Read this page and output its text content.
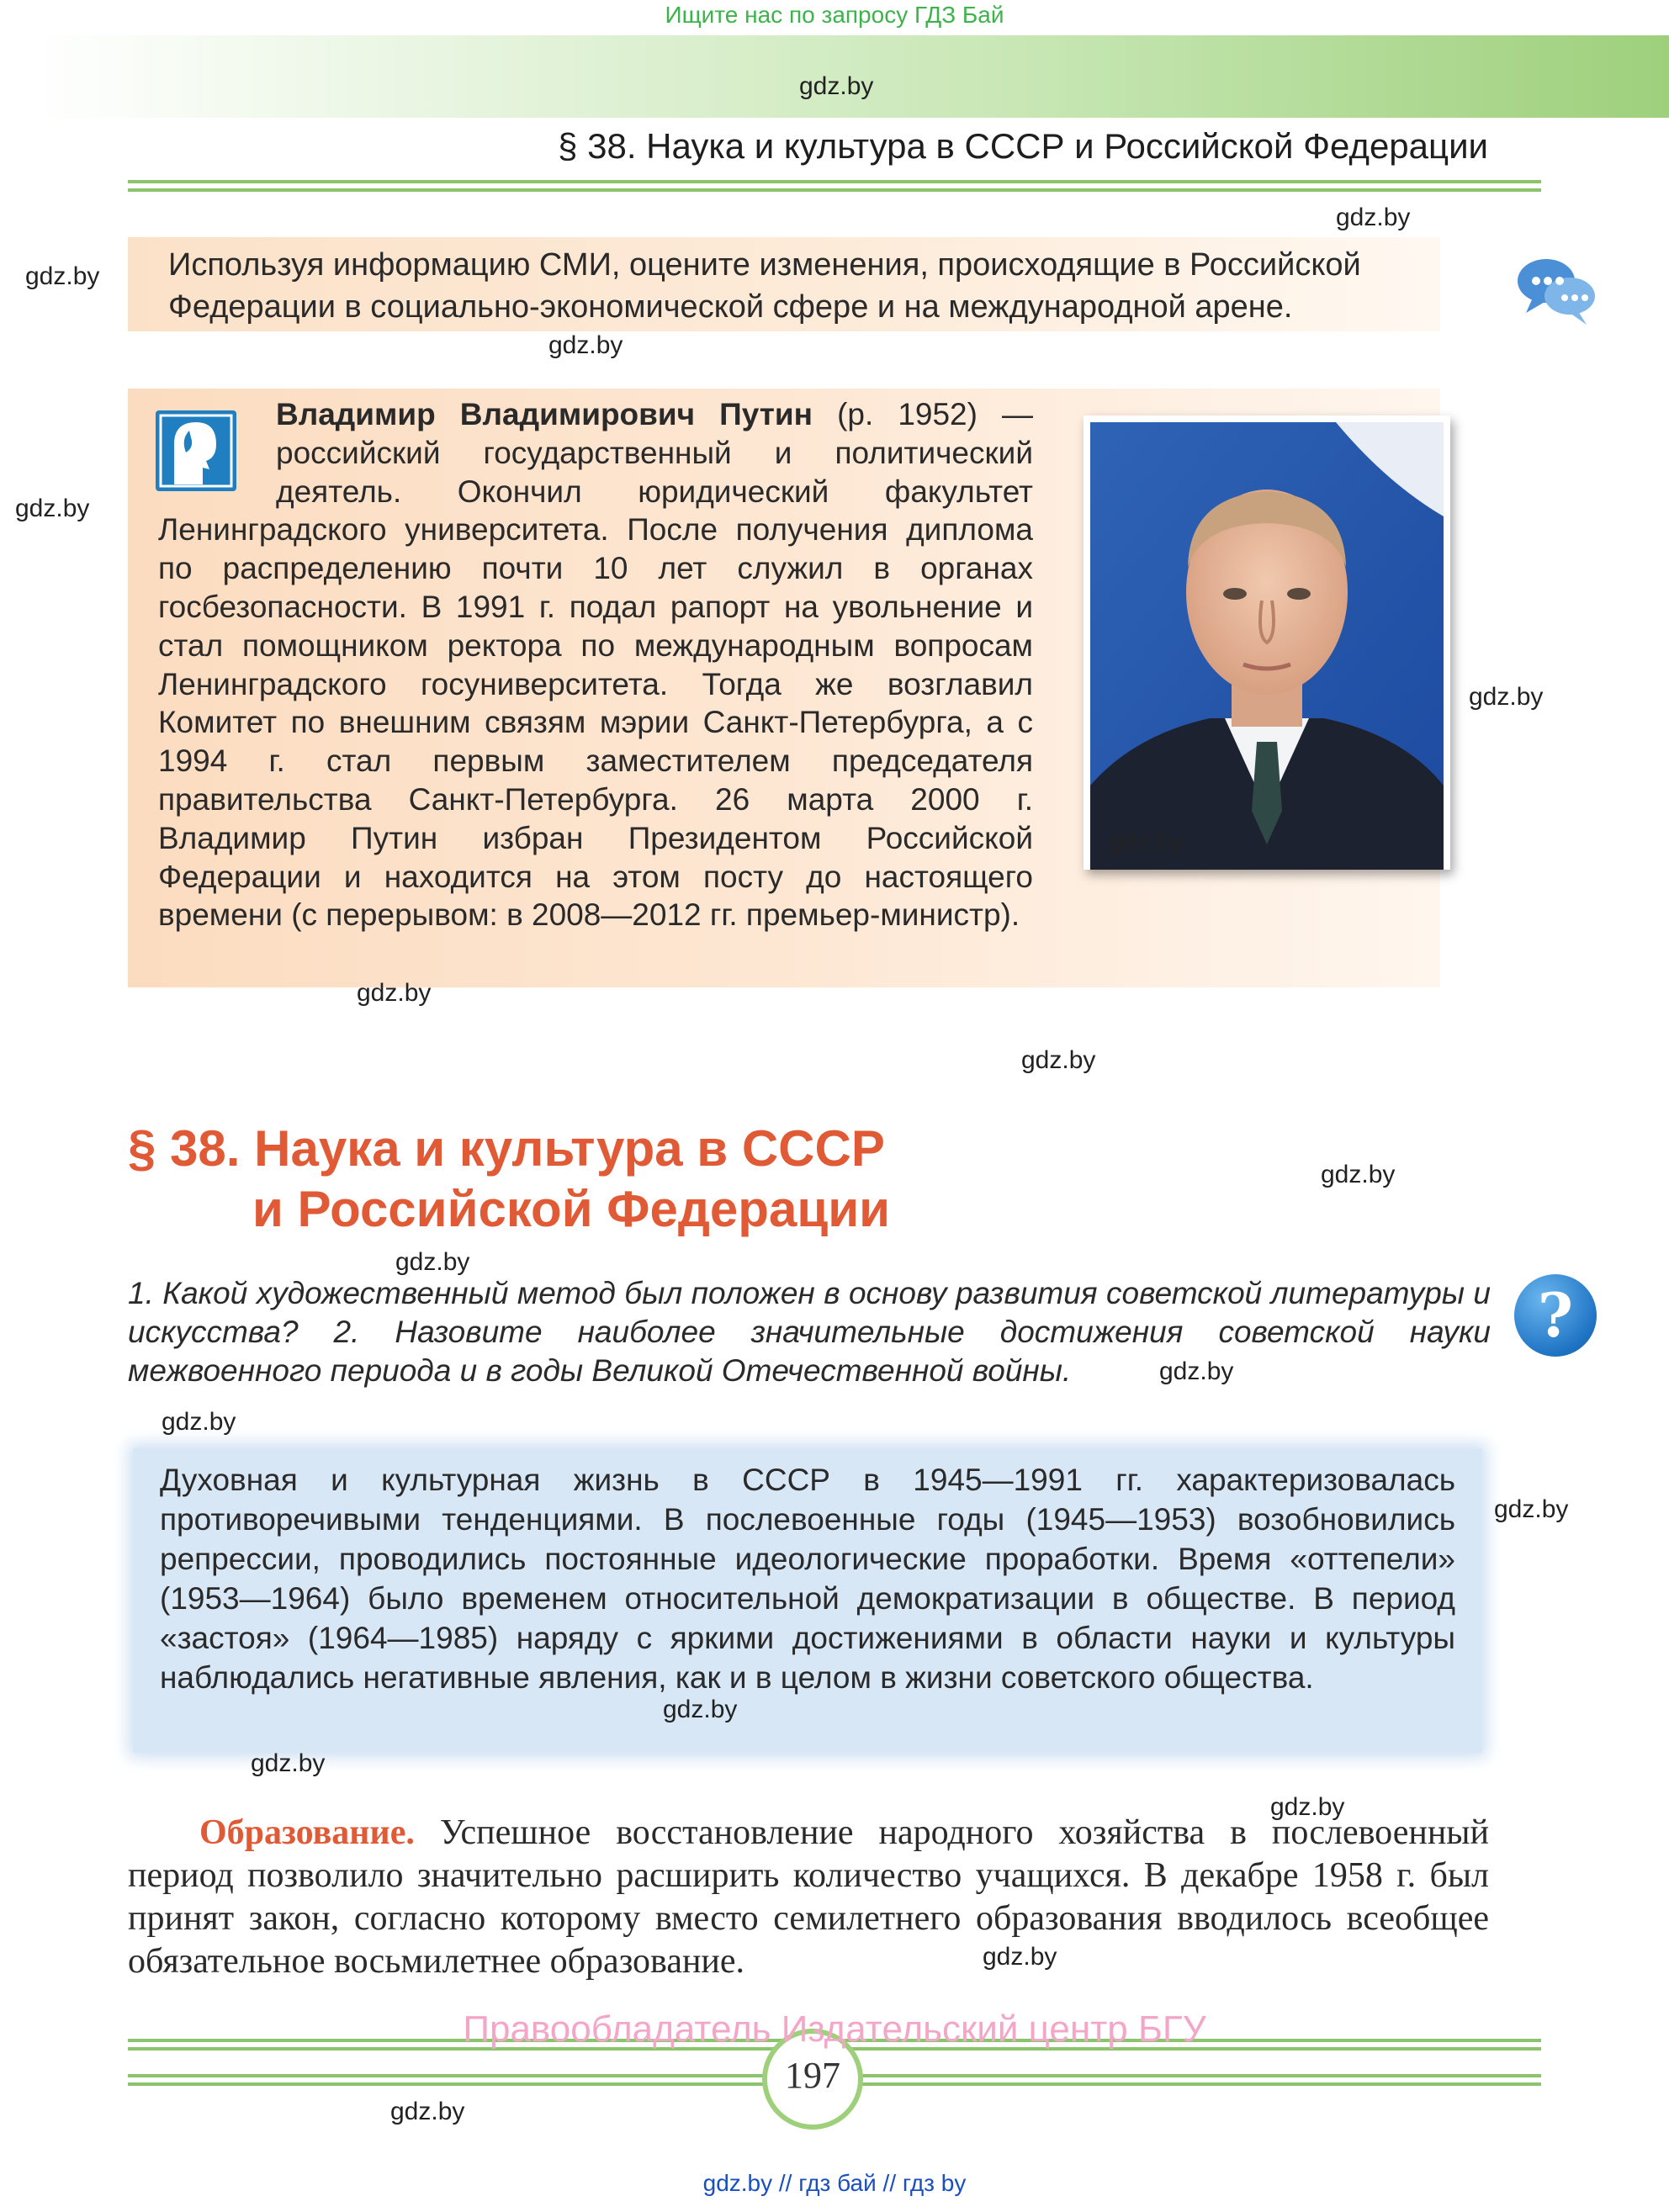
Ищите нас по запросу ГДЗ Бай
§ 38. Наука и культура в СССР и Российской Федерации
Используя информацию СМИ, оцените изменения, происходящие в Российской Федерации в социально-экономической сфере и на международной арене.
Владимир Владимирович Путин (р. 1952) — российский государственный и политический деятель. Окончил юридический факультет Ленинградского университета. После получения диплома по распределению почти 10 лет служил в органах госбезопасности. В 1991 г. подал рапорт на увольнение и стал помощником ректора по международным вопросам Ленинградского госуниверситета. Тогда же возглавил Комитет по внешним связям мэрии Санкт-Петербурга, а с 1994 г. стал первым заместителем председателя правительства Санкт-Петербурга. 26 марта 2000 г. Владимир Путин избран Президентом Российской Федерации и находится на этом посту до настоящего времени (с перерывом: в 2008—2012 гг. премьер-министр).
§ 38. Наука и культура в СССР
и Российской Федерации
1. Какой художественный метод был положен в основу развития советской литературы и искусства? 2. Назовите наиболее значительные достижения советской науки межвоенного периода и в годы Великой Отечественной войны.
?
Духовная и культурная жизнь в СССР в 1945—1991 гг. характеризовалась противоречивыми тенденциями. В послевоенные годы (1945—1953) возобновились репрессии, проводились постоянные идеологические проработки. Время «оттепели» (1953—1964) было временем относительной демократизации в обществе. В период «застоя» (1964—1985) наряду с яркими достижениями в области науки и культуры наблюдались негативные явления, как и в целом в жизни советского общества.
Образование. Успешное восстановление народного хозяйства в послевоенный период позволило значительно расширить количество учащихся. В декабре 1958 г. был принят закон, согласно которому вместо семилетнего образования вводилось всеобщее обязательное восьмилетнее образование.
197
Правообладатель Издательский центр БГУ
gdz.by // гдз бай // гдз by
gdz.by
gdz.by
gdz.by
gdz.by
gdz.by
gdz.by
gdz.by
gdz.by
gdz.by
gdz.by
gdz.by
gdz.by
gdz.by
gdz.by
gdz.by
gdz.by
gdz.by
gdz.by
gdz.by
